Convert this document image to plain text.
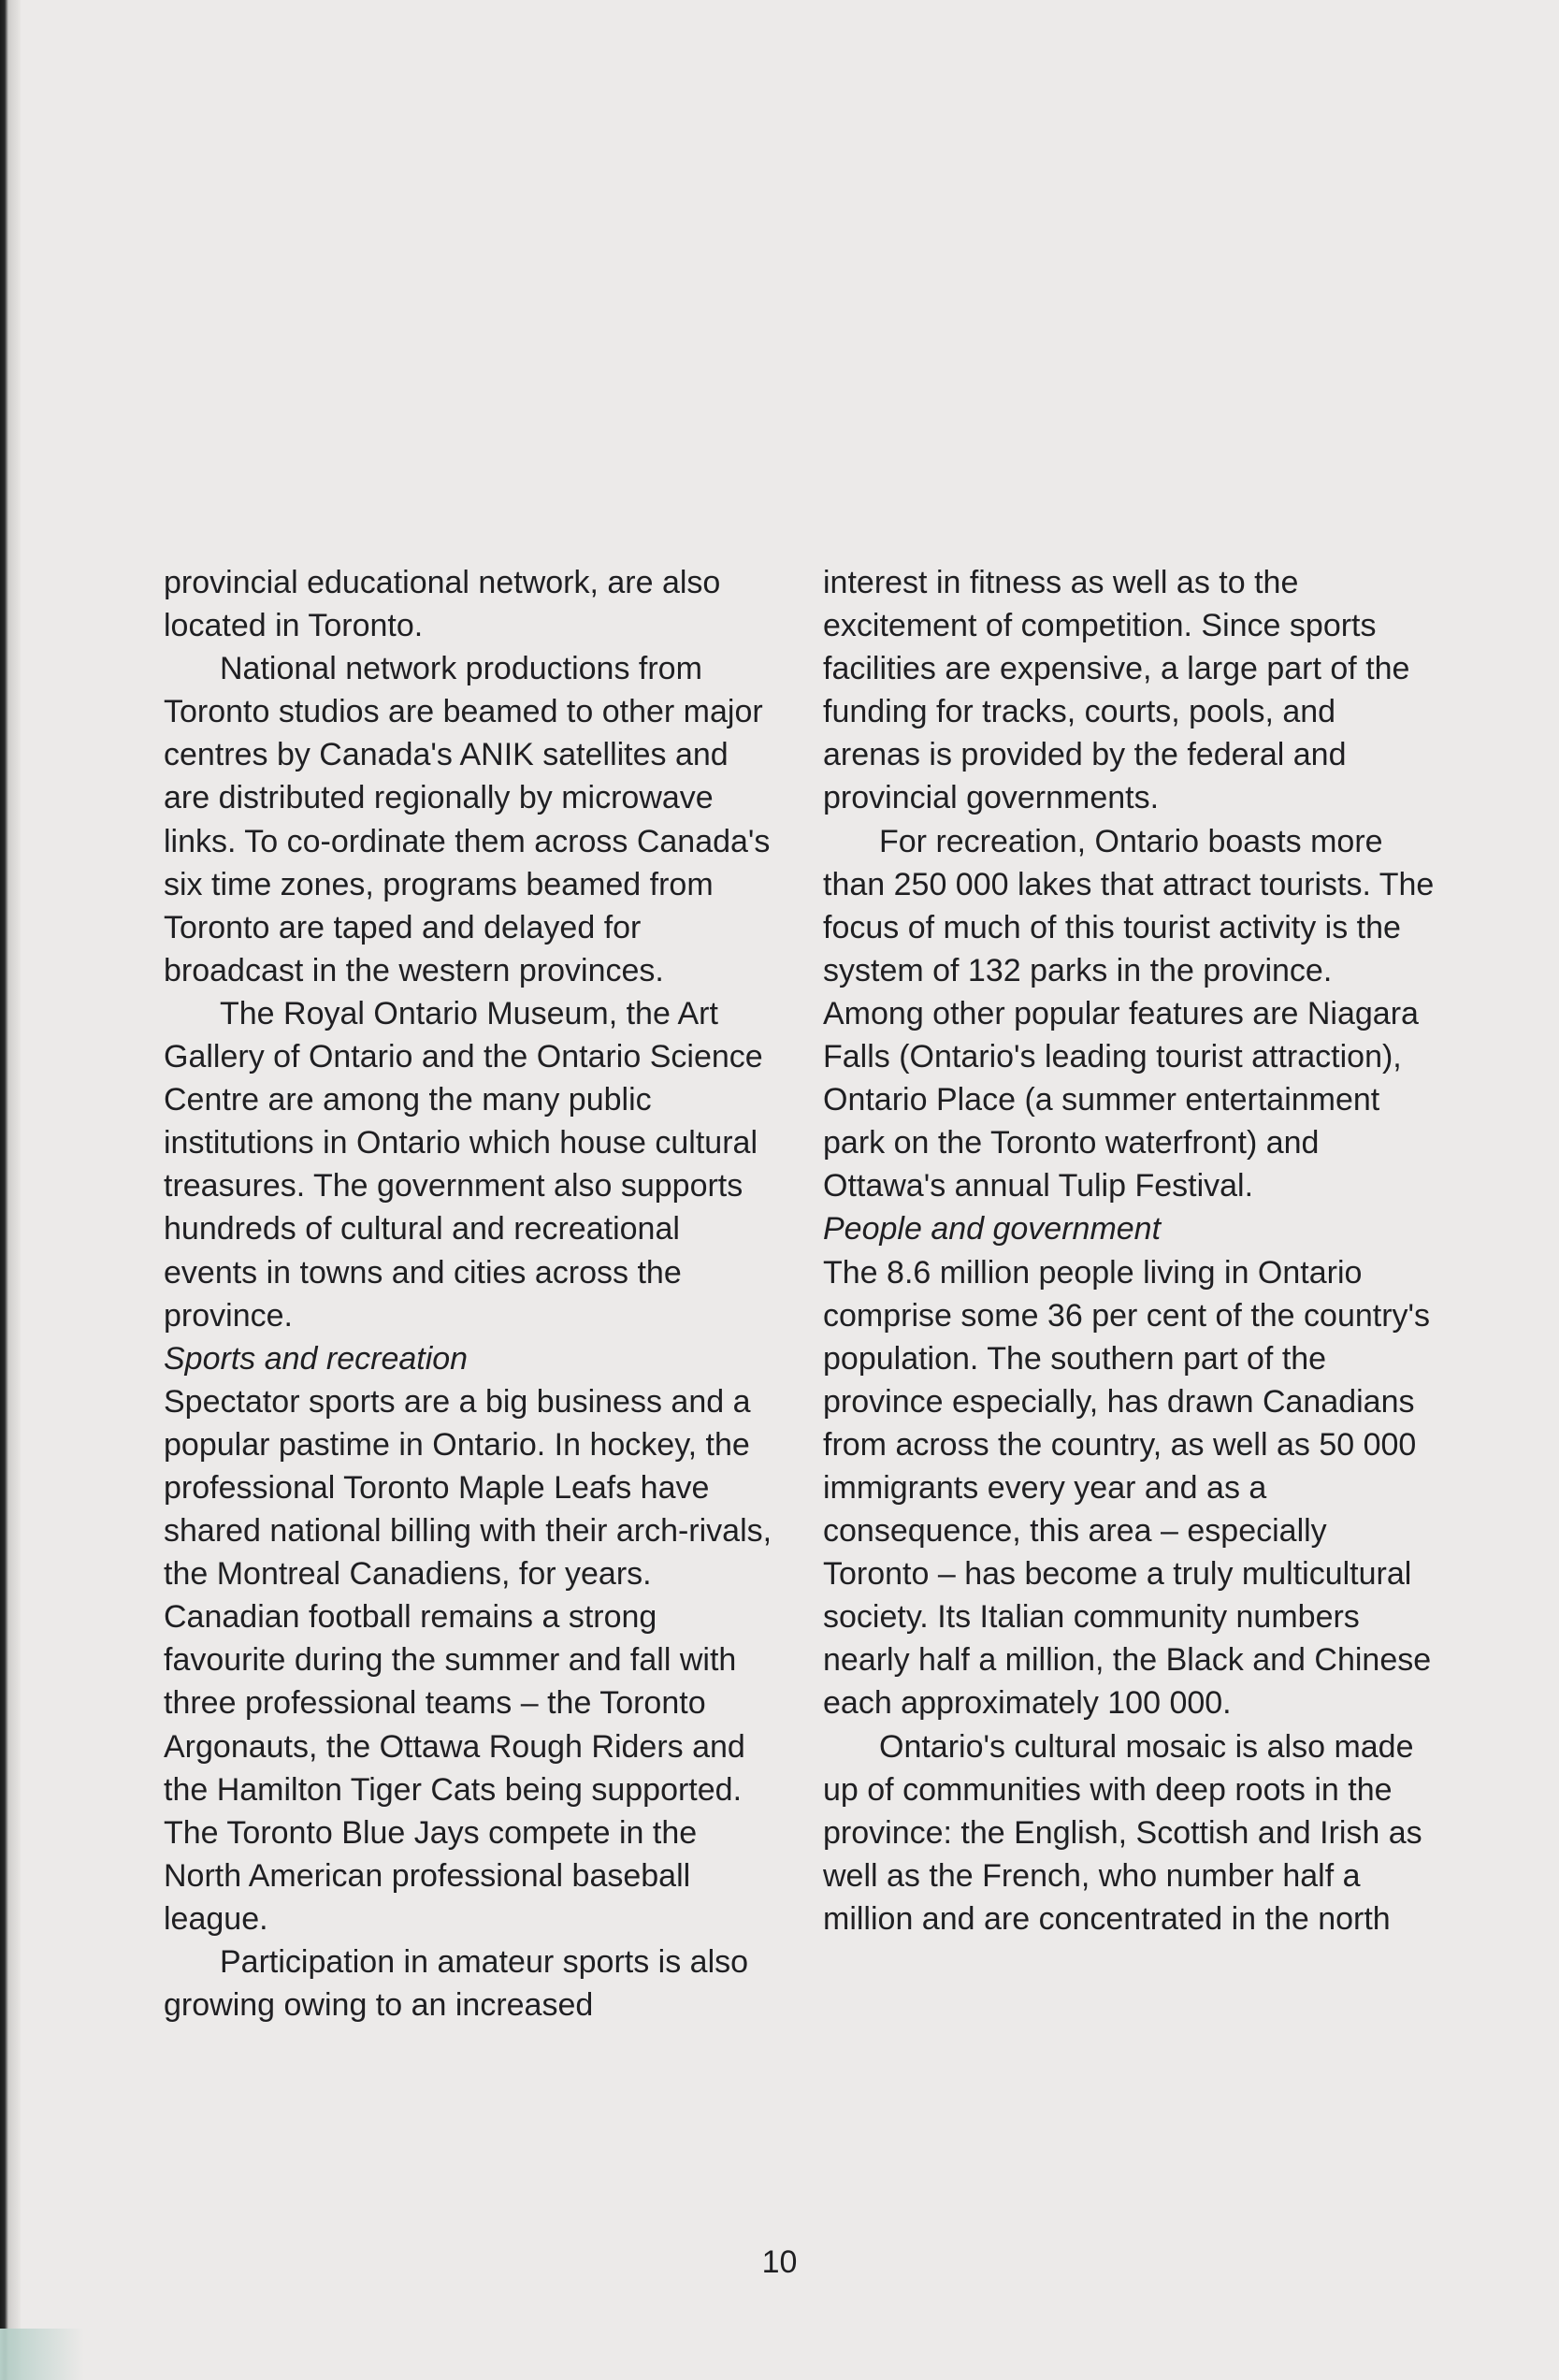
provincial educational network, are also located in Toronto.

National network productions from Toronto studios are beamed to other major centres by Canada's ANIK satellites and are distributed regionally by microwave links. To co-ordinate them across Canada's six time zones, programs beamed from Toronto are taped and delayed for broadcast in the western provinces.

The Royal Ontario Museum, the Art Gallery of Ontario and the Ontario Science Centre are among the many public institutions in Ontario which house cultural treasures. The government also supports hundreds of cultural and recreational events in towns and cities across the province.

Sports and recreation

Spectator sports are a big business and a popular pastime in Ontario. In hockey, the professional Toronto Maple Leafs have shared national billing with their arch-rivals, the Montreal Canadiens, for years. Canadian football remains a strong favourite during the summer and fall with three professional teams – the Toronto Argonauts, the Ottawa Rough Riders and the Hamilton Tiger Cats being supported. The Toronto Blue Jays compete in the North American professional baseball league.

Participation in amateur sports is also growing owing to an increased

interest in fitness as well as to the excitement of competition. Since sports facilities are expensive, a large part of the funding for tracks, courts, pools, and arenas is provided by the federal and provincial governments.

For recreation, Ontario boasts more than 250 000 lakes that attract tourists. The focus of much of this tourist activity is the system of 132 parks in the province. Among other popular features are Niagara Falls (Ontario's leading tourist attraction), Ontario Place (a summer entertainment park on the Toronto waterfront) and Ottawa's annual Tulip Festival.

People and government

The 8.6 million people living in Ontario comprise some 36 per cent of the country's population. The southern part of the province especially, has drawn Canadians from across the country, as well as 50 000 immigrants every year and as a consequence, this area – especially Toronto – has become a truly multicultural society. Its Italian community numbers nearly half a million, the Black and Chinese each approximately 100 000.

Ontario's cultural mosaic is also made up of communities with deep roots in the province: the English, Scottish and Irish as well as the French, who number half a million and are concentrated in the north

10
